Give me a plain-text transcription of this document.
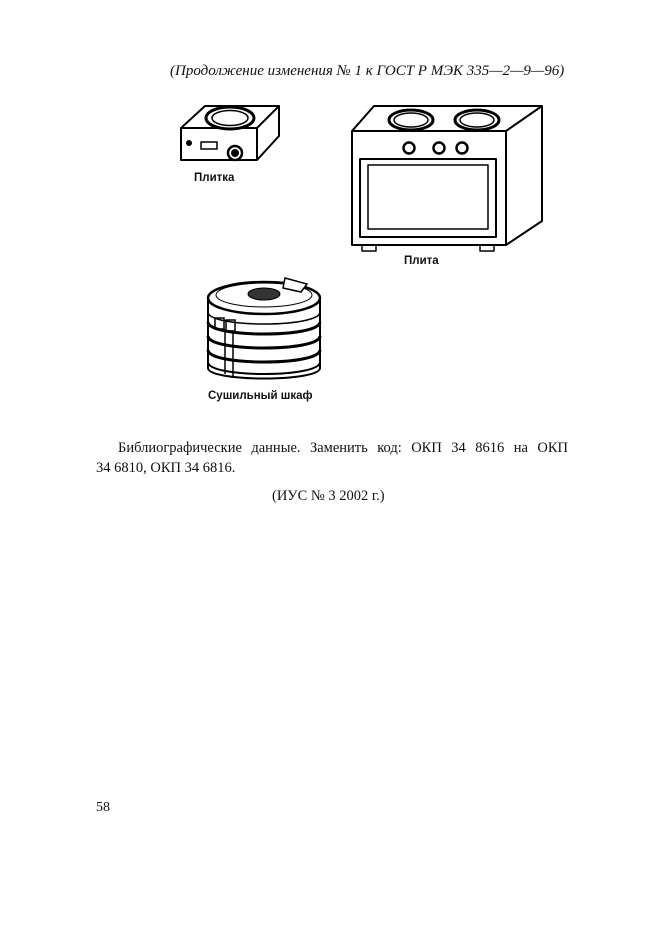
(Продолжение изменения № 1 к ГОСТ Р МЭК 335—2—9—96)
Плитка
Плита
Сушильный шкаф
Библиографические данные. Заменить код: ОКП 34 8616 на ОКП
34 6810, ОКП 34 6816.
(ИУС № 3 2002 г.)
58
